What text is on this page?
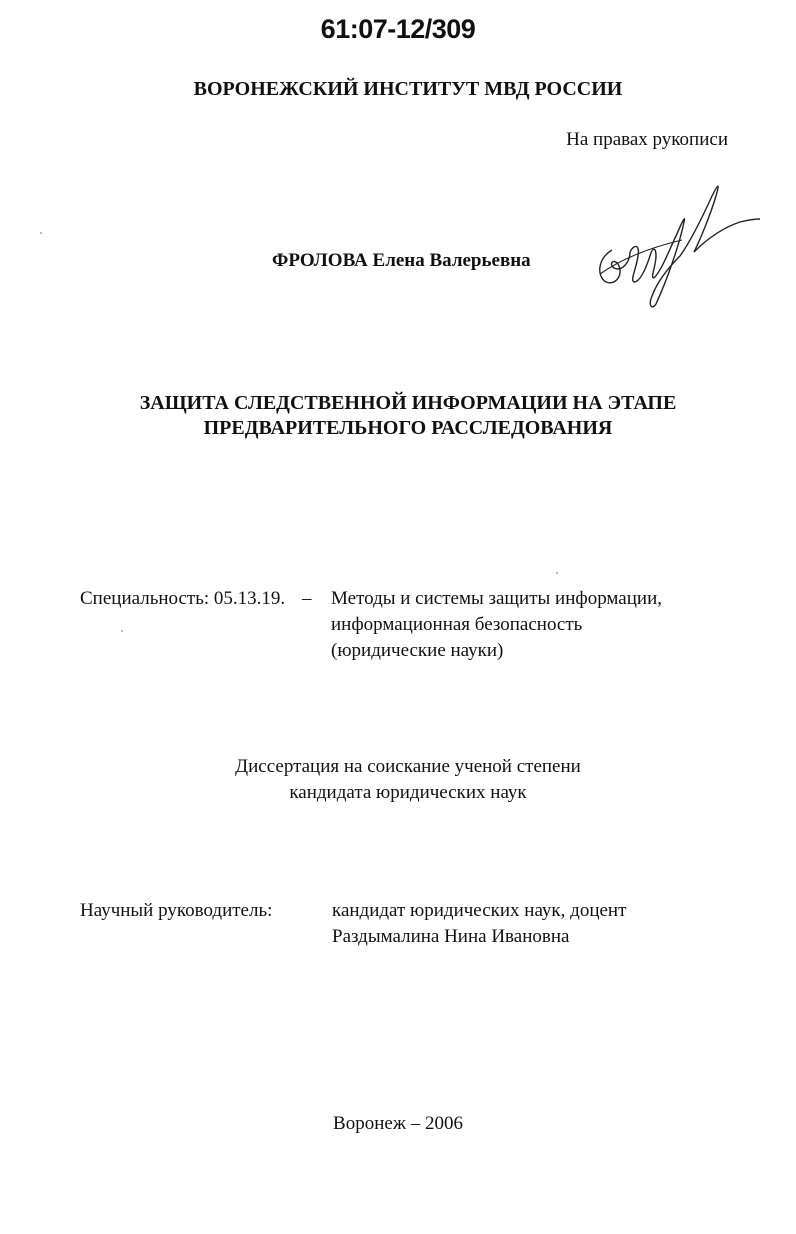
61:07-12/309
ВОРОНЕЖСКИЙ ИНСТИТУТ МВД РОССИИ
На правах рукописи
ФРОЛОВА Елена Валерьевна
ЗАЩИТА СЛЕДСТВЕННОЙ ИНФОРМАЦИИ НА ЭТАПЕ
ПРЕДВАРИТЕЛЬНОГО РАССЛЕДОВАНИЯ
Специальность: 05.13.19. – Методы и системы защиты информации,
информационная безопасность
(юридические науки)
Диссертация на соискание ученой степени
кандидата юридических наук
Научный руководитель:	кандидат юридических наук, доцент
Раздымалина Нина Ивановна
Воронеж – 2006
